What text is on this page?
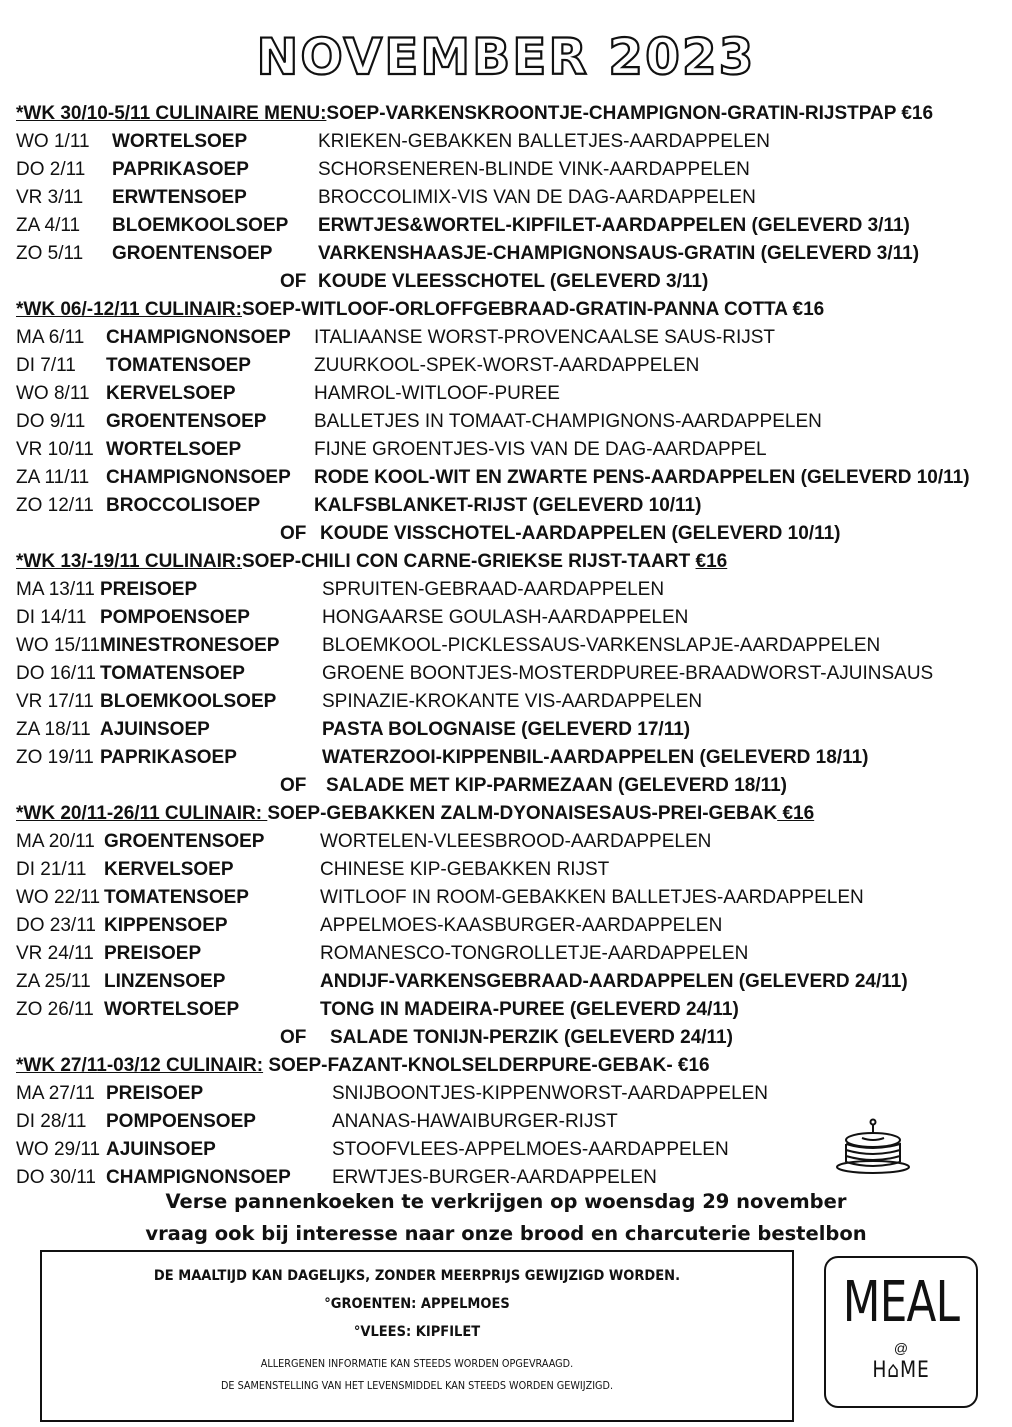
NOVEMBER 2023
*WK 30/10-5/11 CULINAIRE MENU:SOEP-VARKENSKROONTJE-CHAMPIGNON-GRATIN-RIJSTPAP €16
WO 1/11 WORTELSOEP	KRIEKEN-GEBAKKEN BALLETJES-AARDAPPELEN
DO 2/11 PAPRIKASOEP	SCHORSENEREN-BLINDE VINK-AARDAPPELEN
VR 3/11 ERWTENSOEP	BROCCOLIMIX-VIS VAN DE DAG-AARDAPPELEN
ZA 4/11 BLOEMKOOLSOEP ERWTJES&WORTEL-KIPFILET-AARDAPPELEN (GELEVERD 3/11)
ZO 5/11 GROENTENSOEP VARKENSHAASJE-CHAMPIGNONSAUS-GRATIN (GELEVERD 3/11)
OF KOUDE VLEESSCHOTEL (GELEVERD 3/11)
*WK 06/-12/11 CULINAIR:SOEP-WITLOOF-ORLOFFGEBRAAD-GRATIN-PANNA COTTA €16
MA 6/11 CHAMPIGNONSOEP ITALIAANSE WORST-PROVENCAALSE SAUS-RIJST
DI 7/11 TOMATENSOEP	ZUURKOOL-SPEK-WORST-AARDAPPELEN
WO 8/11 KERVELSOEP	HAMROL-WITLOOF-PUREE
DO 9/11 GROENTENSOEP	BALLETJES IN TOMAAT-CHAMPIGNONS-AARDAPPELEN
VR 10/11 WORTELSOEP	FIJNE GROENTJES-VIS VAN DE DAG-AARDAPPEL
ZA 11/11 CHAMPIGNONSOEP RODE KOOL-WIT EN ZWARTE PENS-AARDAPPELEN (GELEVERD 10/11)
ZO 12/11 BROCCOLISOEP	KALFSBLANKET-RIJST (GELEVERD 10/11)
OF KOUDE VISSCHOTEL-AARDAPPELEN (GELEVERD 10/11)
*WK 13/-19/11 CULINAIR:SOEP-CHILI CON CARNE-GRIEKSE RIJST-TAART €16
MA 13/11 PREISOEP	SPRUITEN-GEBRAAD-AARDAPPELEN
DI 14/11 POMPOENSOEP	HONGAARSE GOULASH-AARDAPPELEN
WO 15/11 MINESTRONESOEP BLOEMKOOL-PICKLESSAUS-VARKENSLAPJE-AARDAPPELEN
DO 16/11 TOMATENSOEP	GROENE BOONTJES-MOSTERDPUREE-BRAADWORST-AJUINSAUS
VR 17/11 BLOEMKOOLSOEP SPINAZIE-KROKANTE VIS-AARDAPPELEN
ZA 18/11 AJUINSOEP	PASTA BOLOGNAISE (GELEVERD 17/11)
ZO 19/11 PAPRIKASOEP	WATERZOOI-KIPPENBIL-AARDAPPELEN (GELEVERD 18/11)
OF SALADE MET KIP-PARMEZAAN (GELEVERD 18/11)
*WK 20/11-26/11 CULINAIR: SOEP-GEBAKKEN ZALM-DYONAISESAUS-PREI-GEBAK €16
MA 20/11 GROENTENSOEP	WORTELEN-VLEESBROOD-AARDAPPELEN
DI 21/11 KERVELSOEP	CHINESE KIP-GEBAKKEN RIJST
WO 22/11 TOMATENSOEP	WITLOOF IN ROOM-GEBAKKEN BALLETJES-AARDAPPELEN
DO 23/11 KIPPENSOEP	APPELMOES-KAASBURGER-AARDAPPELEN
VR 24/11 PREISOEP	ROMANESCO-TONGROLLETJE-AARDAPPELEN
ZA 25/11 LINZENSOEP	ANDIJF-VARKENSGEBRAAD-AARDAPPELEN (GELEVERD 24/11)
ZO 26/11 WORTELSOEP	TONG IN MADEIRA-PUREE (GELEVERD 24/11)
OF SALADE TONIJN-PERZIK (GELEVERD 24/11)
*WK 27/11-03/12 CULINAIR: SOEP-FAZANT-KNOLSELDERPURE-GEBAK- €16
MA 27/11 PREISOEP	SNIJBOONTJES-KIPPENWORST-AARDAPPELEN
DI 28/11 POMPOENSOEP	ANANAS-HAWAIBURGER-RIJST
WO 29/11 AJUINSOEP	STOOFVLEES-APPELMOES-AARDAPPELEN
DO 30/11 CHAMPIGNONSOEP ERWTJES-BURGER-AARDAPPELEN
Verse pannenkoeken te verkrijgen op woensdag 29 november
vraag ook bij interesse naar onze brood en charcuterie bestelbon
DE MAALTIJD KAN DAGELIJKS, ZONDER MEERPRIJS GEWIJZIGD WORDEN.
°GROENTEN: APPELMOES
°VLEES: KIPFILET
ALLERGENEN INFORMATIE KAN STEEDS WORDEN OPGEVRAAGD.
DE SAMENSTELLING VAN HET LEVENSMIDDEL KAN STEEDS WORDEN GEWIJZIGD.
MEAL
@
H⌂ME
